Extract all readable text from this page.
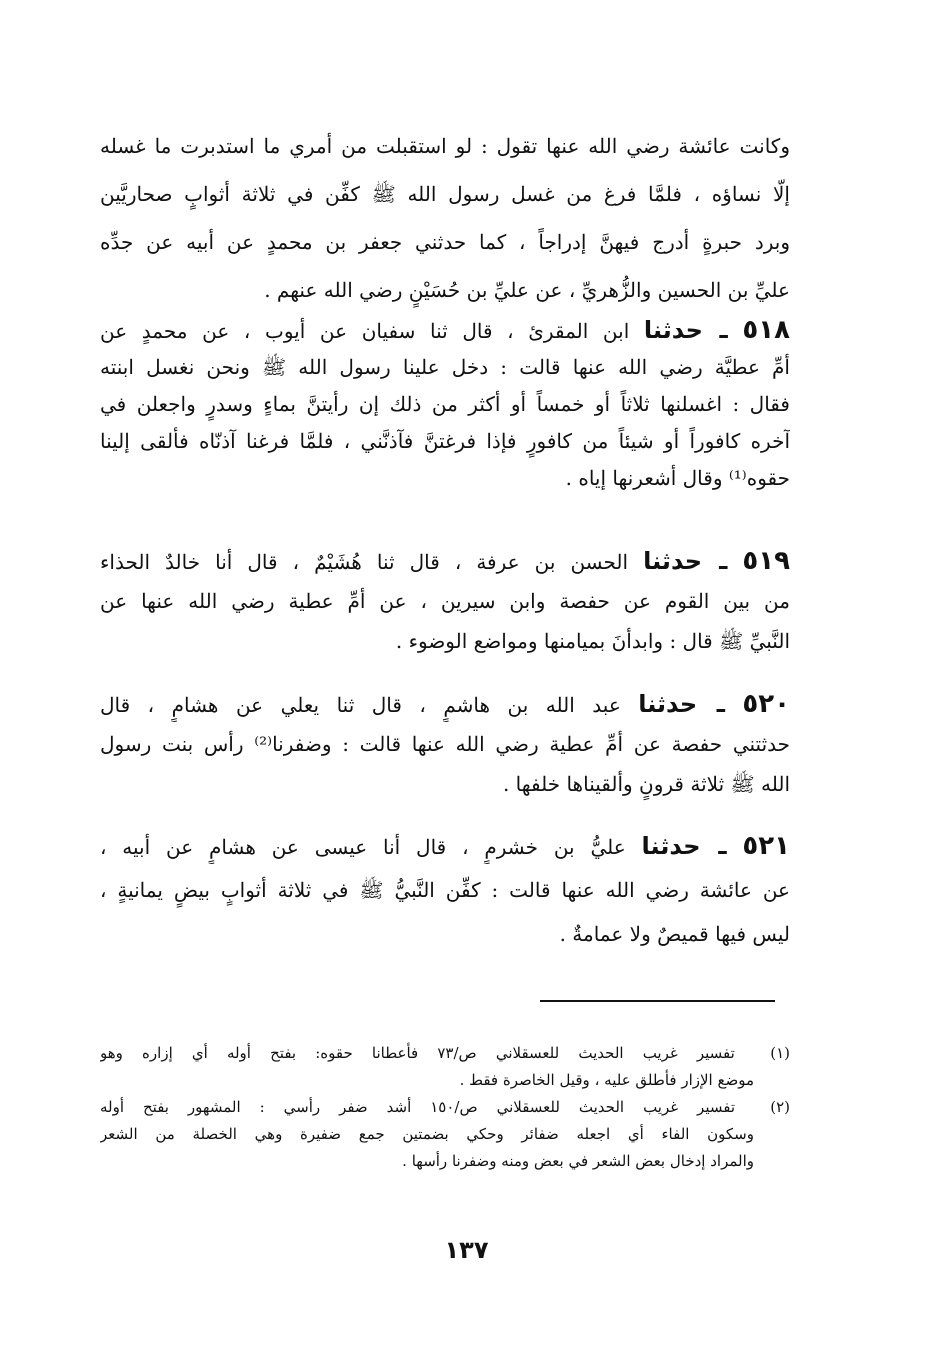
وكانت عائشة رضي الله عنها تقول : لو استقبلت من أمري ما استدبرت ما غسله
إلّا نساؤه ، فلمَّا فرغ من غسل رسول الله ﷺ كفِّن في ثلاثة أثوابٍ صحاريَّين
وبرد حبرةٍ أدرج فيهنَّ إدراجاً ، كما حدثني جعفر بن محمدٍ عن أبيه عن جدِّه
عليِّ بن الحسين والزُّهريِّ ، عن عليِّ بن حُسَيْنٍ رضي الله عنهم .
٥١٨ ـ حدثنا ابن المقرئ ، قال ثنا سفيان عن أيوب ، عن محمدٍ عن
أمِّ عطيَّة رضي الله عنها قالت : دخل علينا رسول الله ﷺ ونحن نغسل ابنته
فقال : اغسلنها ثلاثاً أو خمساً أو أكثر من ذلك إن رأيتنَّ بماءٍ وسدرٍ واجعلن في
آخره كافوراً أو شيئاً من كافورٍ فإذا فرغتنَّ فآذنَّني ، فلمَّا فرغنا آذنّاه فألقى إلينا
حقوه⁽¹⁾ وقال أشعرنها إياه .
٥١٩ ـ حدثنا الحسن بن عرفة ، قال ثنا هُشَيْمٌ ، قال أنا خالدٌ الحذاء
من بين القوم عن حفصة وابن سيرين ، عن أمِّ عطية رضي الله عنها عن
النَّبيِّ ﷺ قال : وابدأنَ بميامنها ومواضع الوضوء .
٥٢٠ ـ حدثنا عبد الله بن هاشمٍ ، قال ثنا يعلي عن هشامٍ ، قال
حدثتني حفصة عن أمِّ عطية رضي الله عنها قالت : وضفرنا⁽²⁾ رأس بنت رسول
الله ﷺ ثلاثة قرونٍ وألقيناها خلفها .
٥٢١ ـ حدثنا عليُّ بن خشرمٍ ، قال أنا عيسى عن هشامٍ عن أبيه ،
عن عائشة رضي الله عنها قالت : كفِّن النَّبيُّ ﷺ في ثلاثة أثوابٍ بيضٍ يمانيةٍ ،
ليس فيها قميصٌ ولا عمامةٌ .
(١) تفسير غريب الحديث للعسقلاني ص/٧٣ فأعطانا حقوه: بفتح أوله أي إزاره وهو
موضع الإزار فأطلق عليه ، وقيل الخاصرة فقط .
(٢) تفسير غريب الحديث للعسقلاني ص/١٥٠ أشد ضفر رأسي : المشهور بفتح أوله
وسكون الفاء أي اجعله ضفائر وحكي بضمتين جمع ضفيرة وهي الخصلة من الشعر
والمراد إدخال بعض الشعر في بعض ومنه وضفرنا رأسها .
١٣٧
